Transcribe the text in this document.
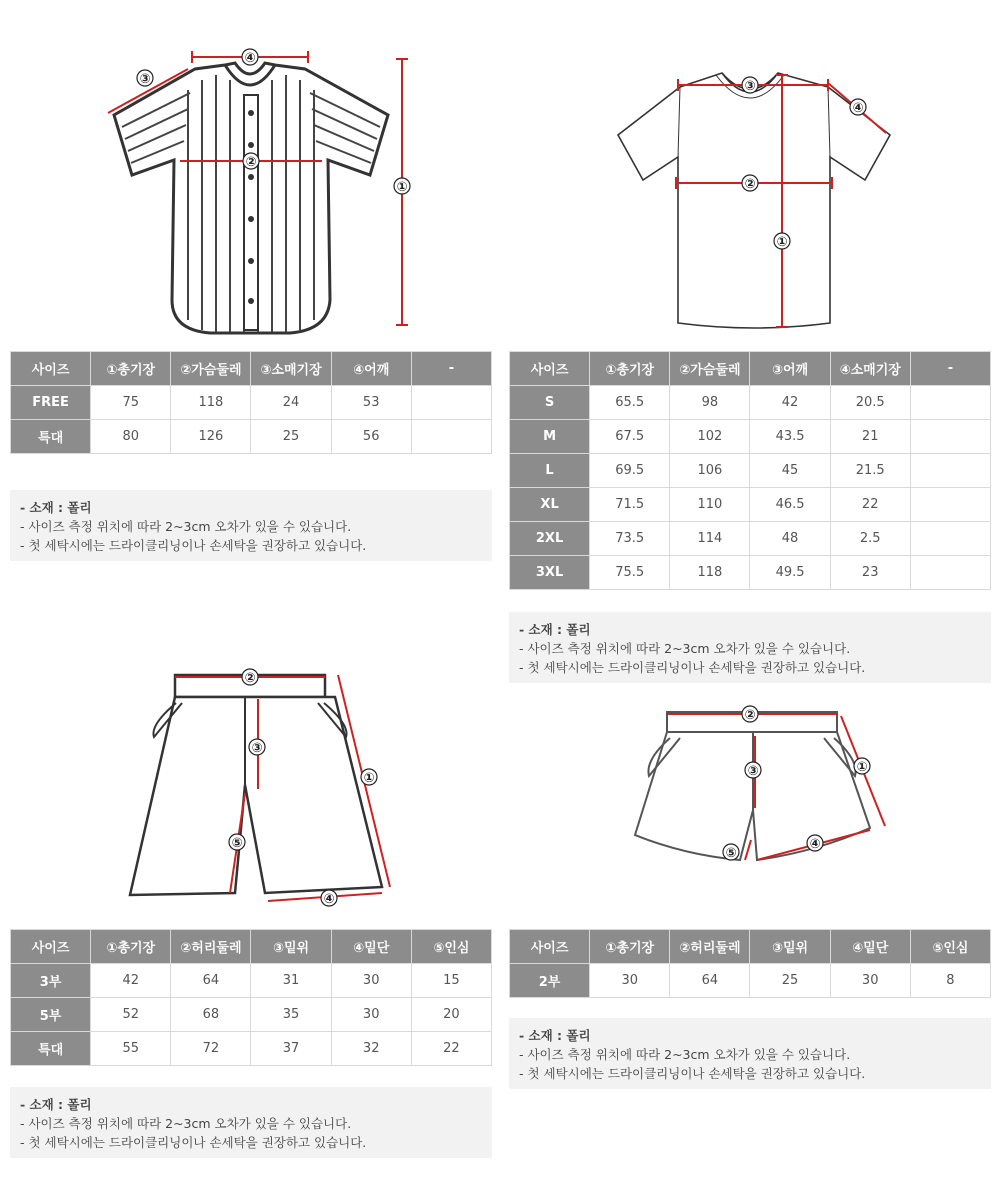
④
③
②
①
③
②
①
④
②
①
③
⑤
④
②
①
③
⑤
④
사이즈	①총기장	②가슴둘레	③소매기장	④어깨	-
FREE	75	118	24	53	
특대	80	126	25	56	
- 소재 : 폴리
- 사이즈 측정 위치에 따라 2~3cm 오차가 있을 수 있습니다.
- 첫 세탁시에는 드라이클리닝이나 손세탁을 권장하고 있습니다.
사이즈	①총기장	②가슴둘레	③어깨	④소매기장	-
S	65.5	98	42	20.5	
M	67.5	102	43.5	21	
L	69.5	106	45	21.5	
XL	71.5	110	46.5	22	
2XL	73.5	114	48	2.5	
3XL	75.5	118	49.5	23	
- 소재 : 폴리
- 사이즈 측정 위치에 따라 2~3cm 오차가 있을 수 있습니다.
- 첫 세탁시에는 드라이클리닝이나 손세탁을 권장하고 있습니다.
사이즈	①총기장	②허리둘레	③밑위	④밑단	⑤인심
3부	42	64	31	30	15
5부	52	68	35	30	20
특대	55	72	37	32	22
- 소재 : 폴리
- 사이즈 측정 위치에 따라 2~3cm 오차가 있을 수 있습니다.
- 첫 세탁시에는 드라이클리닝이나 손세탁을 권장하고 있습니다.
사이즈	①총기장	②허리둘레	③밑위	④밑단	⑤인심
2부	30	64	25	30	8
- 소재 : 폴리
- 사이즈 측정 위치에 따라 2~3cm 오차가 있을 수 있습니다.
- 첫 세탁시에는 드라이클리닝이나 손세탁을 권장하고 있습니다.
